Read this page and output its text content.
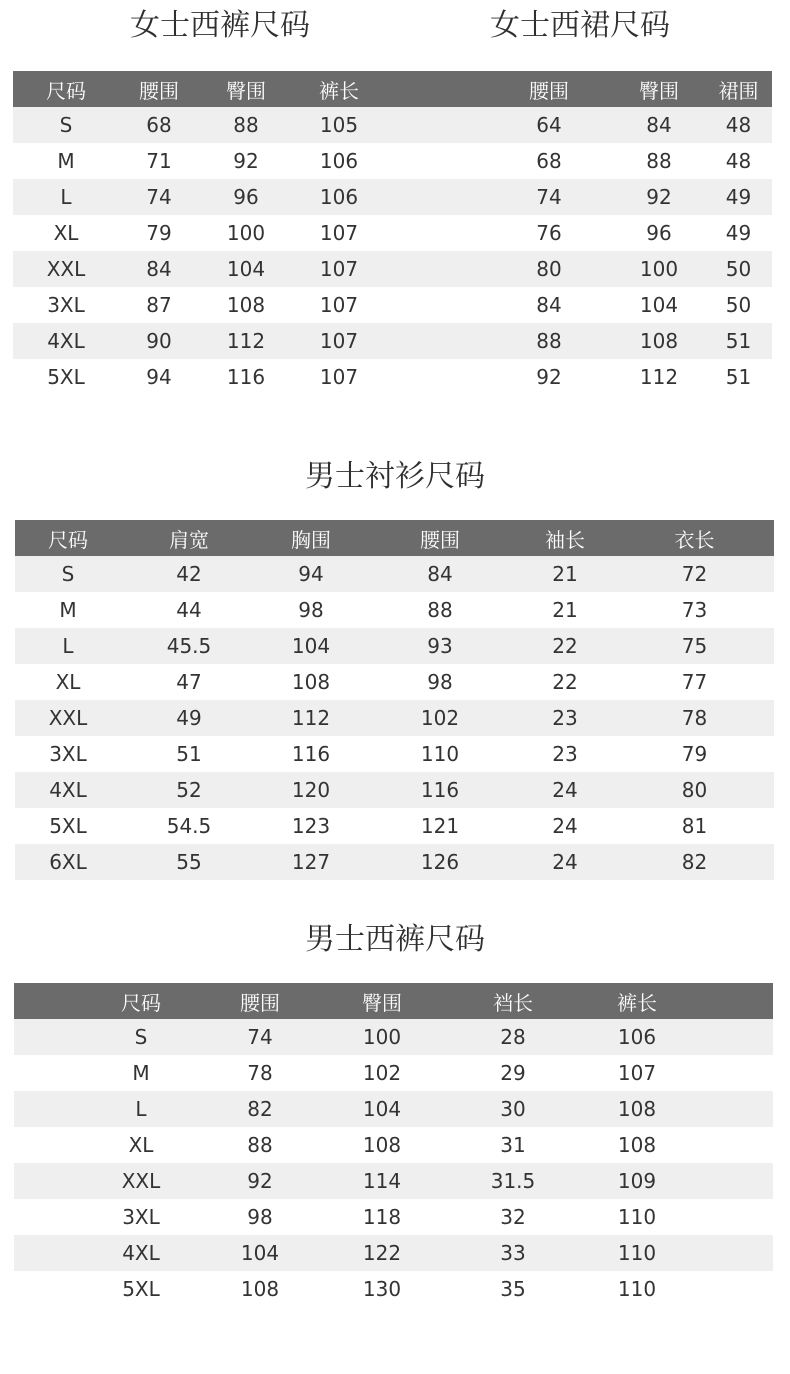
女士西裤尺码	女士西裙尺码
尺码	腰围	臀围	裤长		腰围	臀围	裙围
S	68	88	105		64	84	48
M	71	92	106		68	88	48
L	74	96	106		74	92	49
XL	79	100	107		76	96	49
XXL	84	104	107		80	100	50
3XL	87	108	107		84	104	50
4XL	90	112	107		88	108	51
5XL	94	116	107		92	112	51
男士衬衫尺码
尺码	肩宽	胸围	腰围	袖长	衣长
S	42	94	84	21	72
M	44	98	88	21	73
L	45.5	104	93	22	75
XL	47	108	98	22	77
XXL	49	112	102	23	78
3XL	51	116	110	23	79
4XL	52	120	116	24	80
5XL	54.5	123	121	24	81
6XL	55	127	126	24	82
男士西裤尺码
	尺码	腰围	臀围	裆长	裤长	
	S	74	100	28	106	
	M	78	102	29	107	
	L	82	104	30	108	
	XL	88	108	31	108	
	XXL	92	114	31.5	109	
	3XL	98	118	32	110	
	4XL	104	122	33	110	
	5XL	108	130	35	110	
